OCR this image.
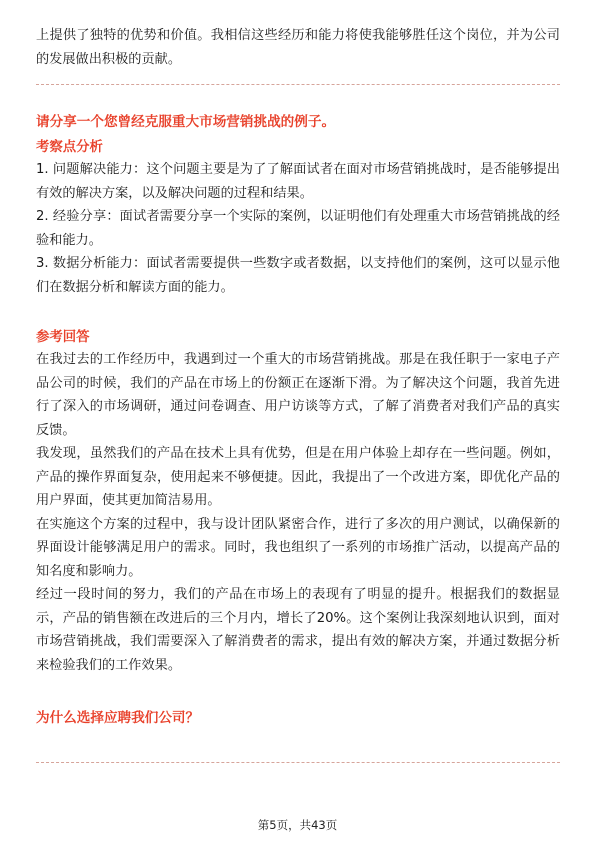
上提供了独特的优势和价值。我相信这些经历和能力将使我能够胜任这个岗位，并为公司的发展做出积极的贡献。

请分享一个您曾经克服重大市场营销挑战的例子。

考察点分析

1. 问题解决能力：这个问题主要是为了了解面试者在面对市场营销挑战时，是否能够提出有效的解决方案，以及解决问题的过程和结果。

2. 经验分享：面试者需要分享一个实际的案例，以证明他们有处理重大市场营销挑战的经验和能力。

3. 数据分析能力：面试者需要提供一些数字或者数据，以支持他们的案例，这可以显示他们在数据分析和解读方面的能力。

参考回答

在我过去的工作经历中，我遇到过一个重大的市场营销挑战。那是在我任职于一家电子产品公司的时候，我们的产品在市场上的份额正在逐渐下滑。为了解决这个问题，我首先进行了深入的市场调研，通过问卷调查、用户访谈等方式，了解了消费者对我们产品的真实反馈。

我发现，虽然我们的产品在技术上具有优势，但是在用户体验上却存在一些问题。例如，产品的操作界面复杂，使用起来不够便捷。因此，我提出了一个改进方案，即优化产品的用户界面，使其更加简洁易用。

在实施这个方案的过程中，我与设计团队紧密合作，进行了多次的用户测试，以确保新的界面设计能够满足用户的需求。同时，我也组织了一系列的市场推广活动，以提高产品的知名度和影响力。

经过一段时间的努力，我们的产品在市场上的表现有了明显的提升。根据我们的数据显示，产品的销售额在改进后的三个月内，增长了20%。这个案例让我深刻地认识到，面对市场营销挑战，我们需要深入了解消费者的需求，提出有效的解决方案，并通过数据分析来检验我们的工作效果。

为什么选择应聘我们公司？

第5页，共43页
